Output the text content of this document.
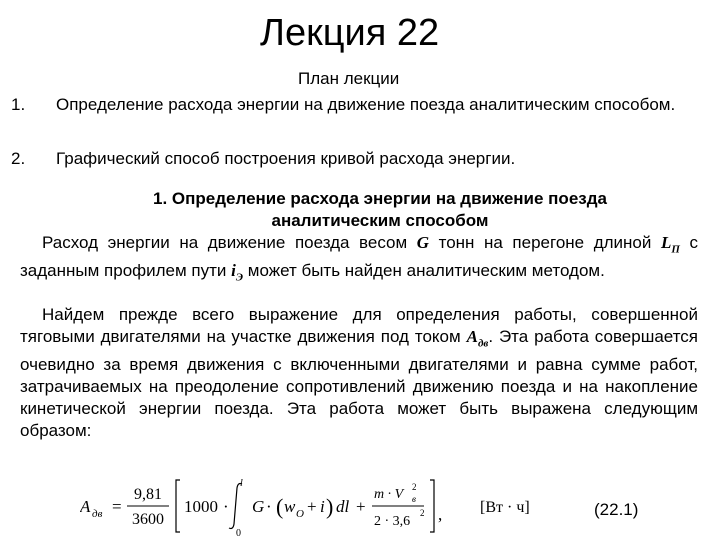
Лекция 22
План лекции
1. Определение расхода энергии на движение поезда аналитическим способом.
2. Графический способ построения кривой расхода энергии.
1. Определение расхода энергии на движение поезда
аналитическим способом
Расход энергии на движение поезда весом G тонн на перегоне длиной $L_П$ с заданным профилем пути $i_Э$ может быть найден аналитическим методом.
Найдем прежде всего выражение для определения работы, совершенной тяговыми двигателями на участке движения под током $A_{дв}$. Эта работа совершается очевидно за время движения с включенными двигателями и равна сумме работ, затрачиваемых на преодоление сопротивлений движению поезда и на накопление кинетической энергии поезда. Эта работа может быть выражена следующим образом:
A дв =
9,81
3600
1000 ·
l
0
G · ( w O + i ) dl +
m · V в
2
2 · 3,6
2 , [Вт · ч]	(22.1)
